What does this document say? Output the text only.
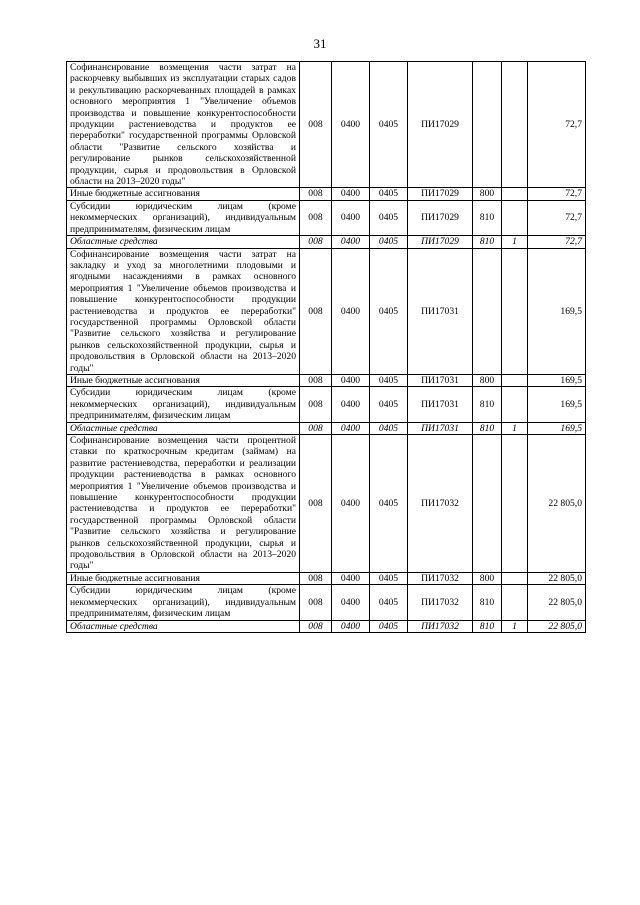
31
Софинансирование возмещения части затрат на раскорчевку выбывших из эксплуатации старых садов и рекультивацию раскорчеванных площадей в рамках основного мероприятия 1 "Увеличение объемов производства и повышение конкурентоспособности продукции растениеводства и продуктов ее переработки" государственной программы Орловской области "Развитие сельского хозяйства и регулирование рынков сельскохозяйственной продукции, сырья и продовольствия в Орловской области на 2013–2020 годы"	008	0400	0405	ПИ17029			72,7
Иные бюджетные ассигнования	008	0400	0405	ПИ17029	800		72,7
Субсидии юридическим лицам (кроме некоммерческих организаций), индивидуальным предпринимателям, физическим лицам	008	0400	0405	ПИ17029	810		72,7
Областные средства	008	0400	0405	ПИ17029	810	1	72,7
Софинансирование возмещения части затрат на закладку и уход за многолетними плодовыми и ягодными насаждениями в рамках основного мероприятия 1 "Увеличение объемов производства и повышение конкурентоспособности продукции растениеводства и продуктов ее переработки" государственной программы Орловской области "Развитие сельского хозяйства и регулирование рынков сельскохозяйственной продукции, сырья и продовольствия в Орловской области на 2013–2020 годы"	008	0400	0405	ПИ17031			169,5
Иные бюджетные ассигнования	008	0400	0405	ПИ17031	800		169,5
Субсидии юридическим лицам (кроме некоммерческих организаций), индивидуальным предпринимателям, физическим лицам	008	0400	0405	ПИ17031	810		169,5
Областные средства	008	0400	0405	ПИ17031	810	1	169,5
Софинансирование возмещения части процентной ставки по краткосрочным кредитам (займам) на развитие растениеводства, переработки и реализации продукции растениеводства в рамках основного мероприятия 1 "Увеличение объемов производства и повышение конкурентоспособности продукции растениеводства и продуктов ее переработки" государственной программы Орловской области "Развитие сельского хозяйства и регулирование рынков сельскохозяйственной продукции, сырья и продовольствия в Орловской области на 2013–2020 годы"	008	0400	0405	ПИ17032			22 805,0
Иные бюджетные ассигнования	008	0400	0405	ПИ17032	800		22 805,0
Субсидии юридическим лицам (кроме некоммерческих организаций), индивидуальным предпринимателям, физическим лицам	008	0400	0405	ПИ17032	810		22 805,0
Областные средства	008	0400	0405	ПИ17032	810	1	22 805,0
